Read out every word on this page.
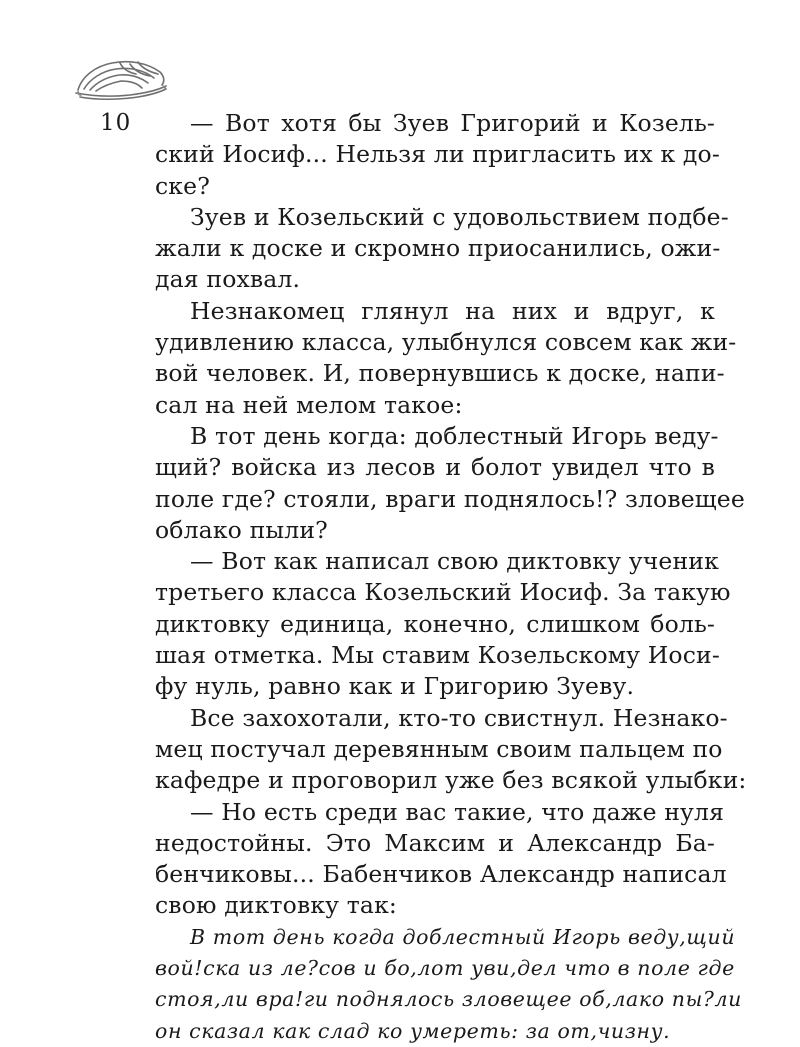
10	— Вот хотя бы Зуев Григорий и Козель-
ский Иосиф... Нельзя ли пригласить их к до-
ске?
Зуев и Козельский с удовольствием подбе-
жали к доске и скромно приосанились, ожи-
дая похвал.
Незнакомец глянул на них и вдруг, к
удивлению класса, улыбнулся совсем как жи-
вой человек. И, повернувшись к доске, напи-
сал на ней мелом такое:
В тот день когда: доблестный Игорь веду-
щий? войска из лесов и болот увидел что в
поле где? стояли, враги поднялось!? зловещее
облако пыли?
— Вот как написал свою диктовку ученик
третьего класса Козельский Иосиф. За такую
диктовку единица, конечно, слишком боль-
шая отметка. Мы ставим Козельскому Иоси-
фу нуль, равно как и Григорию Зуеву.
Все захохотали, кто-то свистнул. Незнако-
мец постучал деревянным своим пальцем по
кафедре и проговорил уже без всякой улыбки:
— Но есть среди вас такие, что даже нуля
недостойны. Это Максим и Александр Ба-
бенчиковы... Бабенчиков Александр написал
свою диктовку так:
В тот день когда доблестный Игорь веду,щий
вой!ска из ле?сов и бо,лот уви,дел что в поле где
стоя,ли вра!ги поднялось зловещее об,лако пы?ли
он сказал как слад ко умереть: за от,чизну.
